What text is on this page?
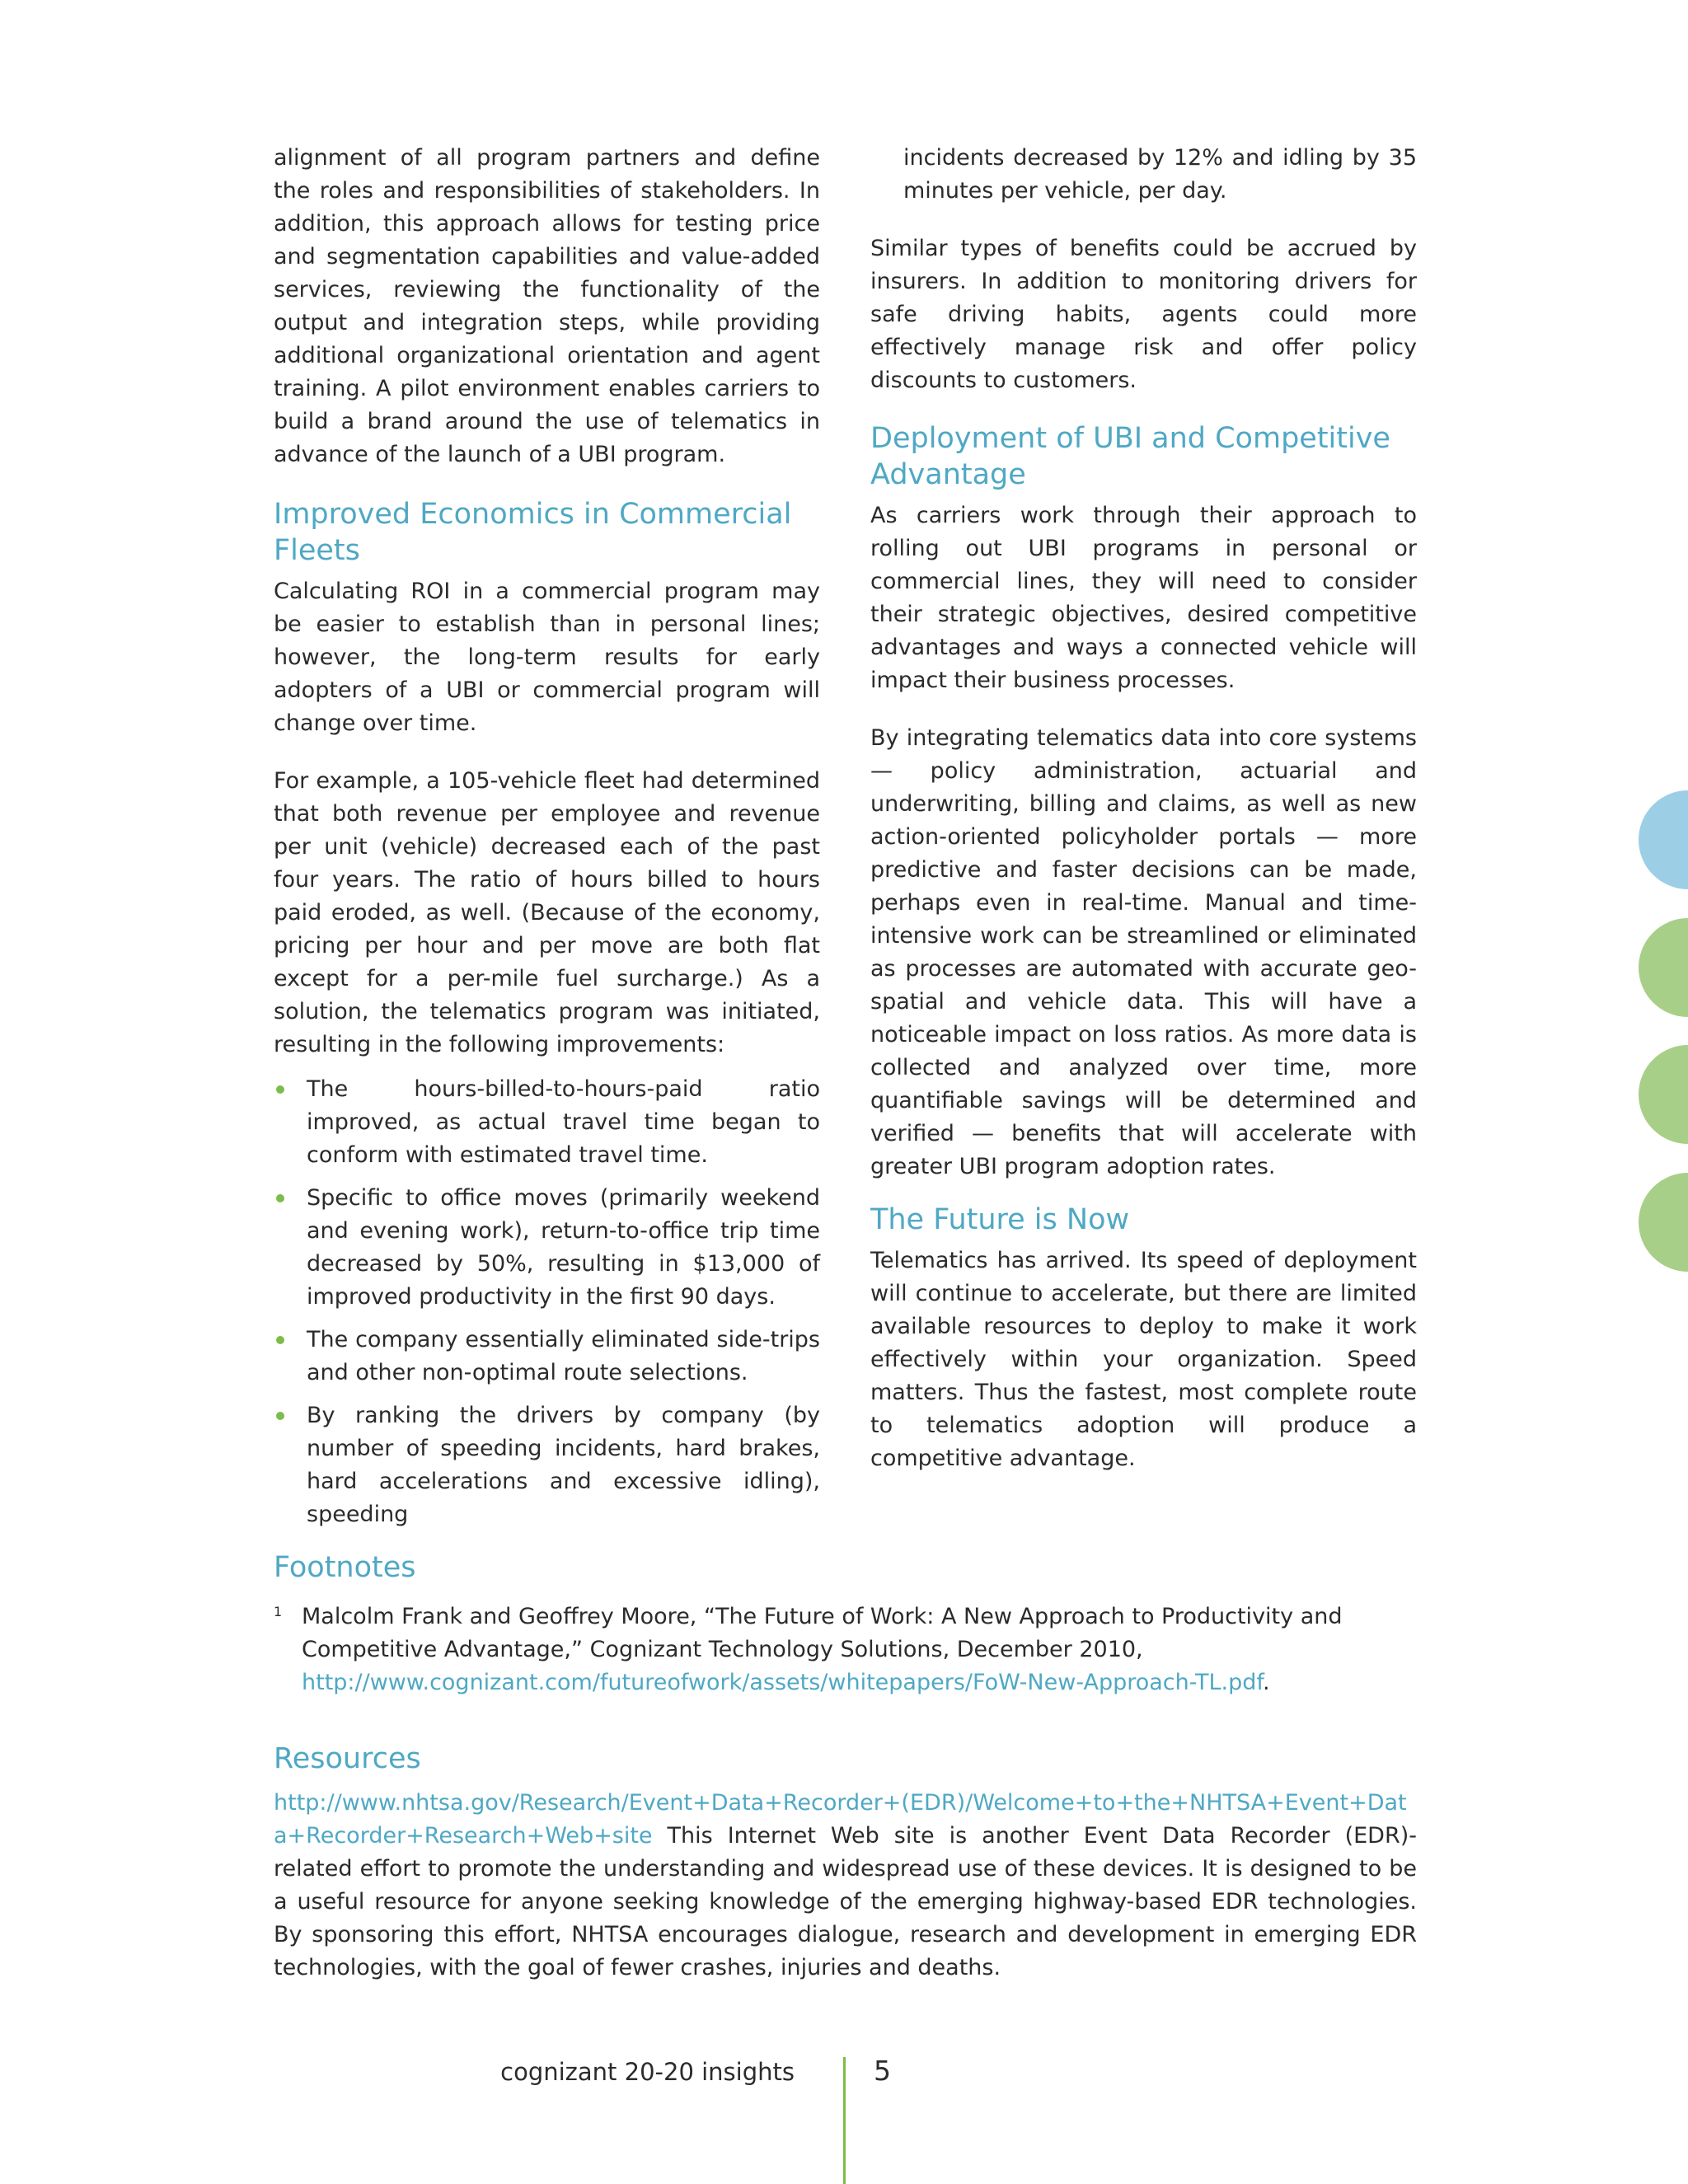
alignment of all program partners and define the roles and responsibilities of stakeholders. In addition, this approach allows for testing price and segmentation capabilities and value-added services, reviewing the functionality of the output and integration steps, while providing additional organizational orientation and agent training. A pilot environment enables carriers to build a brand around the use of telematics in advance of the launch of a UBI program.

Improved Economics in Commercial Fleets

Calculating ROI in a commercial program may be easier to establish than in personal lines; however, the long-term results for early adopters of a UBI or commercial program will change over time.

For example, a 105-vehicle fleet had determined that both revenue per employee and revenue per unit (vehicle) decreased each of the past four years. The ratio of hours billed to hours paid eroded, as well. (Because of the economy, pricing per hour and per move are both flat except for a per-mile fuel surcharge.) As a solution, the telematics program was initiated, resulting in the following improvements:

The hours-billed-to-hours-paid ratio improved, as actual travel time began to conform with estimated travel time.

Specific to office moves (primarily weekend and evening work), return-to-office trip time decreased by 50%, resulting in $13,000 of improved productivity in the first 90 days.

The company essentially eliminated side-trips and other non-optimal route selections.

By ranking the drivers by company (by number of speeding incidents, hard brakes, hard accelerations and excessive idling), speeding

incidents decreased by 12% and idling by 35 minutes per vehicle, per day.

Similar types of benefits could be accrued by insurers. In addition to monitoring drivers for safe driving habits, agents could more effectively manage risk and offer policy discounts to customers.

Deployment of UBI and Competitive Advantage

As carriers work through their approach to rolling out UBI programs in personal or commercial lines, they will need to consider their strategic objectives, desired competitive advantages and ways a connected vehicle will impact their business processes.

By integrating telematics data into core systems — policy administration, actuarial and underwriting, billing and claims, as well as new action-oriented policyholder portals — more predictive and faster decisions can be made, perhaps even in real-time. Manual and time-intensive work can be streamlined or eliminated as processes are automated with accurate geo-spatial and vehicle data. This will have a noticeable impact on loss ratios. As more data is collected and analyzed over time, more quantifiable savings will be determined and verified — benefits that will accelerate with greater UBI program adoption rates.

The Future is Now

Telematics has arrived. Its speed of deployment will continue to accelerate, but there are limited available resources to deploy to make it work effectively within your organization. Speed matters. Thus the fastest, most complete route to telematics adoption will produce a competitive advantage.

Footnotes
1 Malcolm Frank and Geoffrey Moore, “The Future of Work: A New Approach to Productivity and Competitive Advantage,” Cognizant Technology Solutions, December 2010,
http://www.cognizant.com/futureofwork/assets/whitepapers/FoW-New-Approach-TL.pdf.

Resources

http://www.nhtsa.gov/Research/Event+Data+Recorder+(EDR)/Welcome+to+the+NHTSA+Event+Data+Recorder+Research+Web+site This Internet Web site is another Event Data Recorder (EDR)-related effort to promote the understanding and widespread use of these devices. It is designed to be a useful resource for anyone seeking knowledge of the emerging highway-based EDR technologies. By sponsoring this effort, NHTSA encourages dialogue, research and development in emerging EDR technologies, with the goal of fewer crashes, injuries and deaths.

cognizant 20-20 insights	5
